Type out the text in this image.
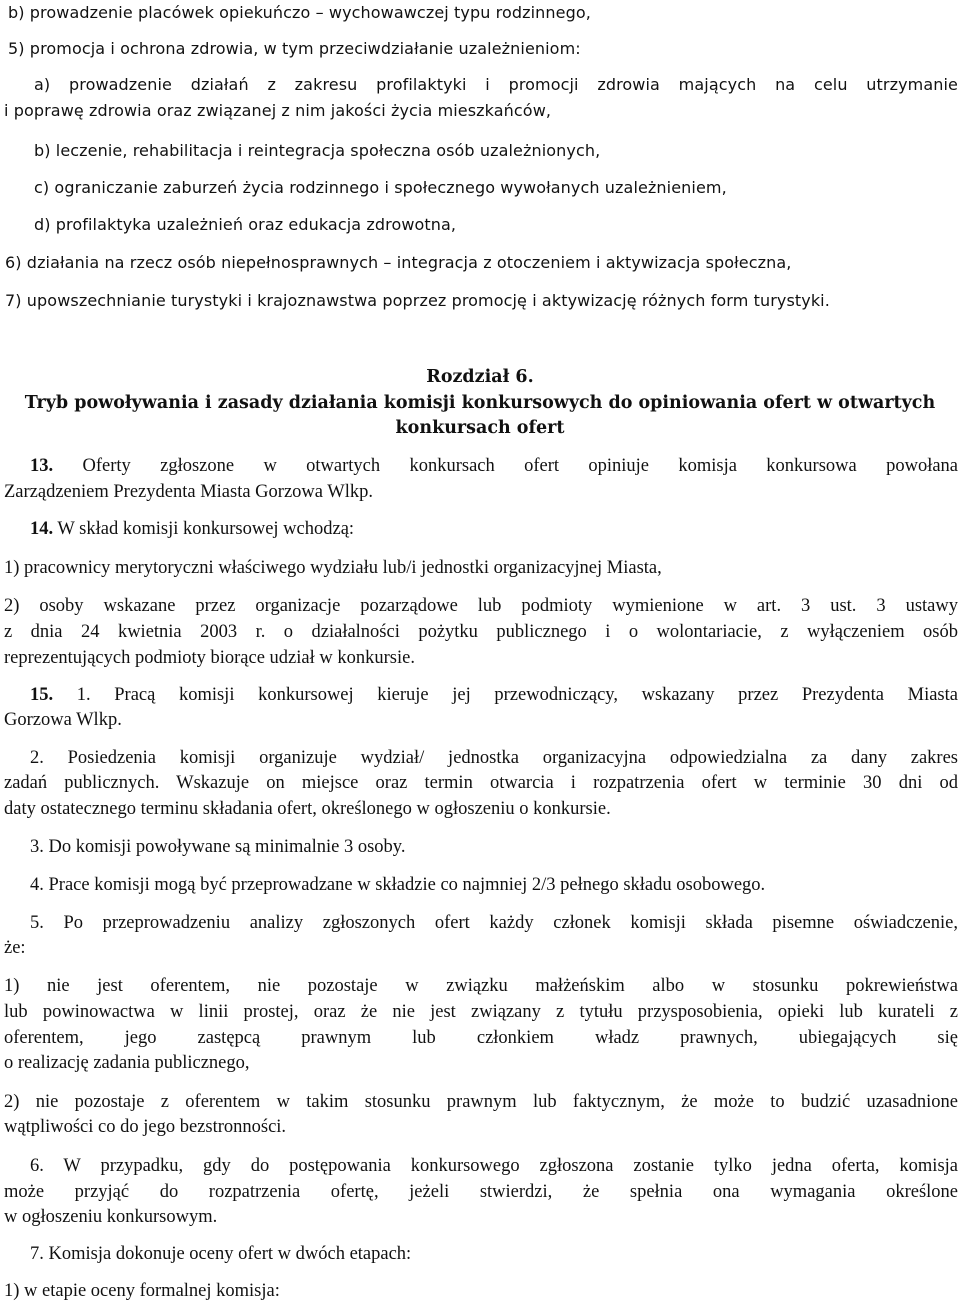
b) prowadzenie placówek opiekuńczo – wychowawczej typu rodzinnego,
5) promocja i ochrona zdrowia, w tym przeciwdziałanie uzależnieniom:
a) prowadzenie działań z zakresu profilaktyki i promocji zdrowia mających na celu utrzymanie
i poprawę zdrowia oraz związanej z nim jakości życia mieszkańców,
b) leczenie, rehabilitacja i reintegracja społeczna osób uzależnionych,
c) ograniczanie zaburzeń życia rodzinnego i społecznego wywołanych uzależnieniem,
d) profilaktyka uzależnień oraz edukacja zdrowotna,
6) działania na rzecz osób niepełnosprawnych – integracja z otoczeniem i aktywizacja społeczna,
7) upowszechnianie turystyki i krajoznawstwa poprzez promocję i aktywizację różnych form turystyki.
Rozdział 6.
Tryb powoływania i zasady działania komisji konkursowych do opiniowania ofert w otwartych
konkursach ofert
13. Oferty zgłoszone w otwartych konkursach ofert opiniuje komisja konkursowa powołana
Zarządzeniem Prezydenta Miasta Gorzowa Wlkp.
14. W skład komisji konkursowej wchodzą:
1) pracownicy merytoryczni właściwego wydziału lub/i jednostki organizacyjnej Miasta,
2) osoby wskazane przez organizacje pozarządowe lub podmioty wymienione w art. 3 ust. 3 ustawy
z dnia 24 kwietnia 2003 r. o działalności pożytku publicznego i o wolontariacie, z wyłączeniem osób
reprezentujących podmioty biorące udział w konkursie.
15. 1. Pracą komisji konkursowej kieruje jej przewodniczący, wskazany przez Prezydenta Miasta
Gorzowa Wlkp.
2. Posiedzenia komisji organizuje wydział/ jednostka organizacyjna odpowiedzialna za dany zakres
zadań publicznych. Wskazuje on miejsce oraz termin otwarcia i rozpatrzenia ofert w terminie 30 dni od
daty ostatecznego terminu składania ofert, określonego w ogłoszeniu o konkursie.
3. Do komisji powoływane są minimalnie 3 osoby.
4. Prace komisji mogą być przeprowadzane w składzie co najmniej 2/3 pełnego składu osobowego.
5. Po przeprowadzeniu analizy zgłoszonych ofert każdy członek komisji składa pisemne oświadczenie,
że:
1) nie jest oferentem, nie pozostaje w związku małżeńskim albo w stosunku pokrewieństwa
lub powinowactwa w linii prostej, oraz że nie jest związany z tytułu przysposobienia, opieki lub kurateli z
oferentem, jego zastępcą prawnym lub członkiem władz prawnych, ubiegających się
o realizację zadania publicznego,
2) nie pozostaje z oferentem w takim stosunku prawnym lub faktycznym, że może to budzić uzasadnione
wątpliwości co do jego bezstronności.
6. W przypadku, gdy do postępowania konkursowego zgłoszona zostanie tylko jedna oferta, komisja
może przyjąć do rozpatrzenia ofertę, jeżeli stwierdzi, że spełnia ona wymagania określone
w ogłoszeniu konkursowym.
7. Komisja dokonuje oceny ofert w dwóch etapach:
1) w etapie oceny formalnej komisja:
